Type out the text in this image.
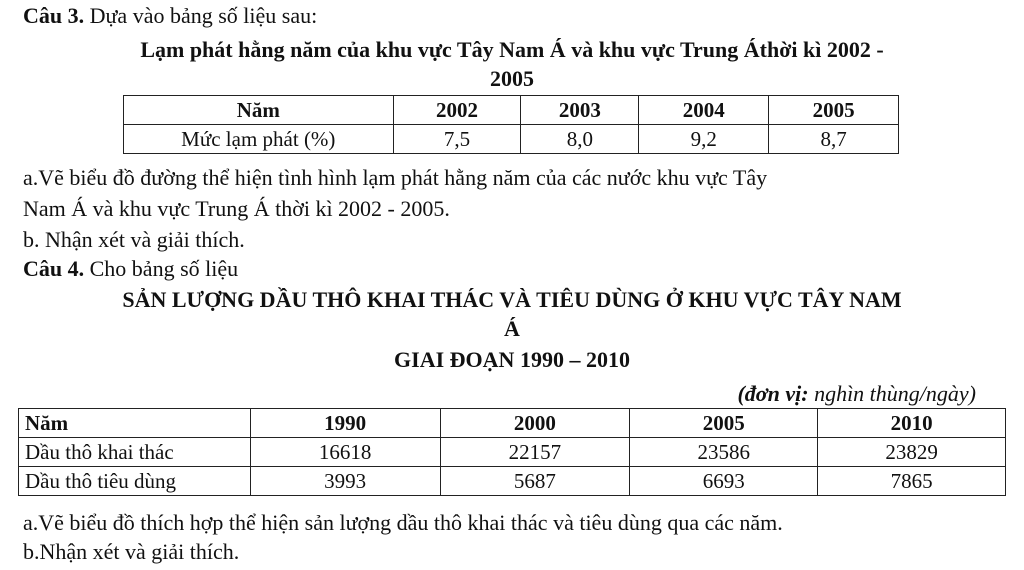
Câu 3. Dựa vào bảng số liệu sau:
Lạm phát hằng năm của khu vực Tây Nam Á và khu vực Trung Áthời kì 2002 -
2005
Năm	2002	2003	2004	2005
Mức lạm phát (%)	7,5	8,0	9,2	8,7
a.Vẽ biểu đồ đường thể hiện tình hình lạm phát hằng năm của các nước khu vực Tây
Nam Á và khu vực Trung Á thời kì 2002 - 2005.
b. Nhận xét và giải thích.
Câu 4. Cho bảng số liệu
SẢN LƯỢNG DẦU THÔ KHAI THÁC VÀ TIÊU DÙNG Ở KHU VỰC TÂY NAM
Á
GIAI ĐOẠN 1990 – 2010
(đơn vị: nghìn thùng/ngày)
Năm	1990	2000	2005	2010
Dầu thô khai thác	16618	22157	23586	23829
Dầu thô tiêu dùng	3993	5687	6693	7865
a.Vẽ biểu đồ thích hợp thể hiện sản lượng dầu thô khai thác và tiêu dùng qua các năm.
b.Nhận xét và giải thích.
